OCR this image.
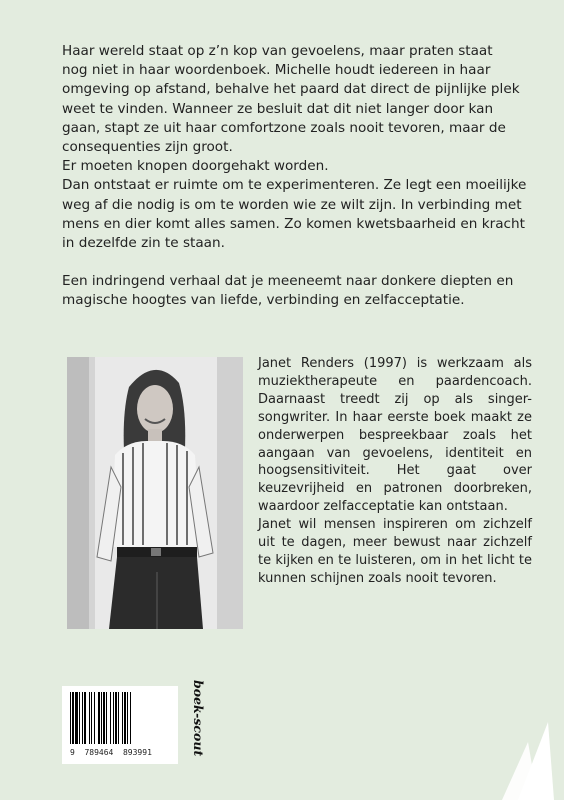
Haar wereld staat op z’n kop van gevoelens, maar praten staat

nog niet in haar woordenboek. Michelle houdt iedereen in haar

omgeving op afstand, behalve het paard dat direct de pijnlijke plek

weet te vinden. Wanneer ze besluit dat dit niet langer door kan

gaan, stapt ze uit haar comfortzone zoals nooit tevoren, maar de

consequenties zijn groot.

Er moeten knopen doorgehakt worden.

Dan ontstaat er ruimte om te experimenteren. Ze legt een moeilijke

weg af die nodig is om te worden wie ze wilt zijn. In verbinding met

mens en dier komt alles samen. Zo komen kwetsbaarheid en kracht

in dezelfde zin te staan.

Een indringend verhaal dat je meeneemt naar donkere diepten en

magische hoogtes van liefde, verbinding en zelfacceptatie.

Janet Renders (1997) is werkzaam als muziektherapeute en paardencoach. Daarnaast treedt zij op als singer-songwriter. In haar eerste boek maakt ze onderwerpen bespreekbaar zoals het aangaan van gevoelens, identiteit en hoogsensitiviteit. Het gaat over keuzevrijheid en patronen doorbreken, waardoor zelfacceptatie kan ontstaan.

Janet wil mensen inspireren om zichzelf uit te dagen, meer bewust naar zichzelf te kijken en te luisteren, om in het licht te kunnen schijnen zoals nooit tevoren.

9  789464  893991	boek-scout
